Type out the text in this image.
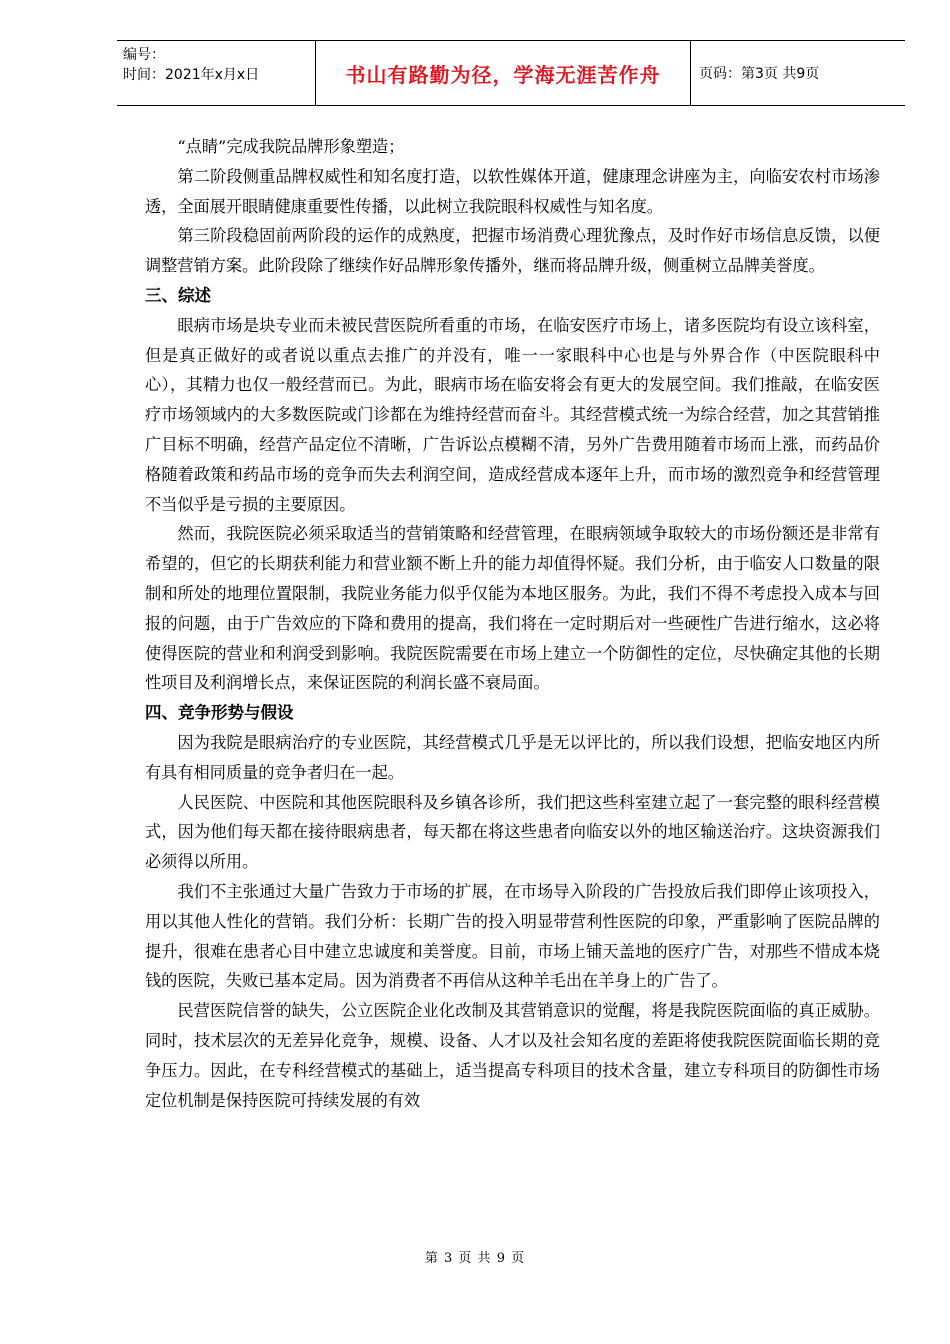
编号：
时间：2021年x月x日	书山有路勤为径，学海无涯苦作舟	页码：第3页 共9页

“点睛”完成我院品牌形象塑造；

第二阶段侧重品牌权威性和知名度打造，以软性媒体开道，健康理念讲座为主，向临安农村市场渗透，全面展开眼睛健康重要性传播，以此树立我院眼科权威性与知名度。

第三阶段稳固前两阶段的运作的成熟度，把握市场消费心理犹豫点，及时作好市场信息反馈，以便调整营销方案。此阶段除了继续作好品牌形象传播外，继而将品牌升级，侧重树立品牌美誉度。

三、综述

眼病市场是块专业而未被民营医院所看重的市场，在临安医疗市场上，诸多医院均有设立该科室，但是真正做好的或者说以重点去推广的并没有，唯一一家眼科中心也是与外界合作（中医院眼科中心），其精力也仅一般经营而已。为此，眼病市场在临安将会有更大的发展空间。我们推敲，在临安医疗市场领域内的大多数医院或门诊都在为维持经营而奋斗。其经营模式统一为综合经营，加之其营销推广目标不明确，经营产品定位不清晰，广告诉讼点模糊不清，另外广告费用随着市场而上涨，而药品价格随着政策和药品市场的竞争而失去利润空间，造成经营成本逐年上升，而市场的激烈竞争和经营管理不当似乎是亏损的主要原因。

然而，我院医院必须采取适当的营销策略和经营管理，在眼病领域争取较大的市场份额还是非常有希望的，但它的长期获利能力和营业额不断上升的能力却值得怀疑。我们分析，由于临安人口数量的限制和所处的地理位置限制，我院业务能力似乎仅能为本地区服务。为此，我们不得不考虑投入成本与回报的问题，由于广告效应的下降和费用的提高，我们将在一定时期后对一些硬性广告进行缩水，这必将使得医院的营业和利润受到影响。我院医院需要在市场上建立一个防御性的定位，尽快确定其他的长期性项目及利润增长点，来保证医院的利润长盛不衰局面。

四、竞争形势与假设

因为我院是眼病治疗的专业医院，其经营模式几乎是无以评比的，所以我们设想，把临安地区内所有具有相同质量的竞争者归在一起。

人民医院、中医院和其他医院眼科及乡镇各诊所，我们把这些科室建立起了一套完整的眼科经营模式，因为他们每天都在接待眼病患者，每天都在将这些患者向临安以外的地区输送治疗。这块资源我们必须得以所用。

我们不主张通过大量广告致力于市场的扩展，在市场导入阶段的广告投放后我们即停止该项投入，用以其他人性化的营销。我们分析：长期广告的投入明显带营利性医院的印象，严重影响了医院品牌的提升，很难在患者心目中建立忠诚度和美誉度。目前，市场上铺天盖地的医疗广告，对那些不惜成本烧钱的医院，失败已基本定局。因为消费者不再信从这种羊毛出在羊身上的广告了。

民营医院信誉的缺失，公立医院企业化改制及其营销意识的觉醒，将是我院医院面临的真正威胁。同时，技术层次的无差异化竞争，规模、设备、人才以及社会知名度的差距将使我院医院面临长期的竞争压力。因此，在专科经营模式的基础上，适当提高专科项目的技术含量，建立专科项目的防御性市场定位机制是保持医院可持续发展的有效

第 3 页 共 9 页
